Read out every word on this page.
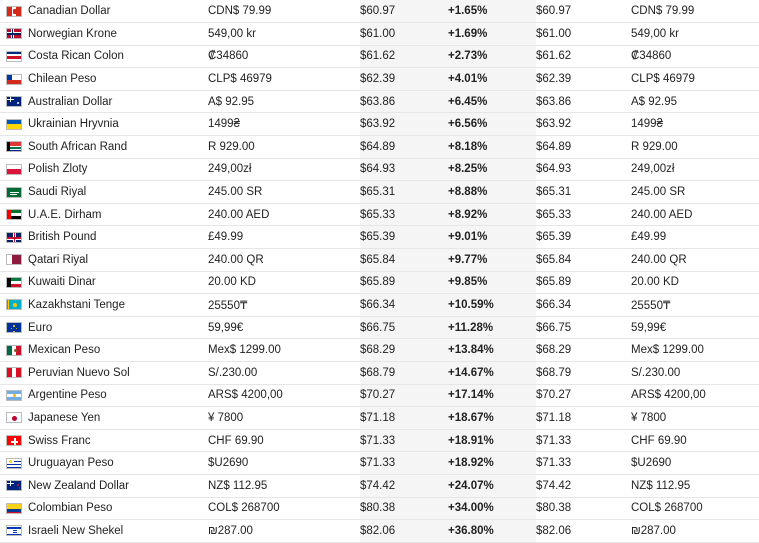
	Canadian Dollar	CDN$ 79.99	$60.97	+1.65%	$60.97	CDN$ 79.99

	Norwegian Krone	549,00 kr	$61.00	+1.69%	$61.00	549,00 kr

	Costa Rican Colon	₡34860	$61.62	+2.73%	$61.62	₡34860

	Chilean Peso	CLP$ 46979	$62.39	+4.01%	$62.39	CLP$ 46979

	Australian Dollar	A$ 92.95	$63.86	+6.45%	$63.86	A$ 92.95

	Ukrainian Hryvnia	1499₴	$63.92	+6.56%	$63.92	1499₴

	South African Rand	R 929.00	$64.89	+8.18%	$64.89	R 929.00

	Polish Zloty	249,00zł	$64.93	+8.25%	$64.93	249,00zł

	Saudi Riyal	245.00 SR	$65.31	+8.88%	$65.31	245.00 SR

	U.A.E. Dirham	240.00 AED	$65.33	+8.92%	$65.33	240.00 AED

	British Pound	£49.99	$65.39	+9.01%	$65.39	£49.99

	Qatari Riyal	240.00 QR	$65.84	+9.77%	$65.84	240.00 QR

	Kuwaiti Dinar	20.00 KD	$65.89	+9.85%	$65.89	20.00 KD

	Kazakhstani Tenge	25550₸	$66.34	+10.59%	$66.34	25550₸

	Euro	59,99€	$66.75	+11.28%	$66.75	59,99€

	Mexican Peso	Mex$ 1299.00	$68.29	+13.84%	$68.29	Mex$ 1299.00

	Peruvian Nuevo Sol	S/.230.00	$68.79	+14.67%	$68.79	S/.230.00

	Argentine Peso	ARS$ 4200,00	$70.27	+17.14%	$70.27	ARS$ 4200,00

	Japanese Yen	¥ 7800	$71.18	+18.67%	$71.18	¥ 7800

	Swiss Franc	CHF 69.90	$71.33	+18.91%	$71.33	CHF 69.90

	Uruguayan Peso	$U2690	$71.33	+18.92%	$71.33	$U2690

	New Zealand Dollar	NZ$ 112.95	$74.42	+24.07%	$74.42	NZ$ 112.95

	Colombian Peso	COL$ 268700	$80.38	+34.00%	$80.38	COL$ 268700

	Israeli New Shekel	₪287.00	$82.06	+36.80%	$82.06	₪287.00
